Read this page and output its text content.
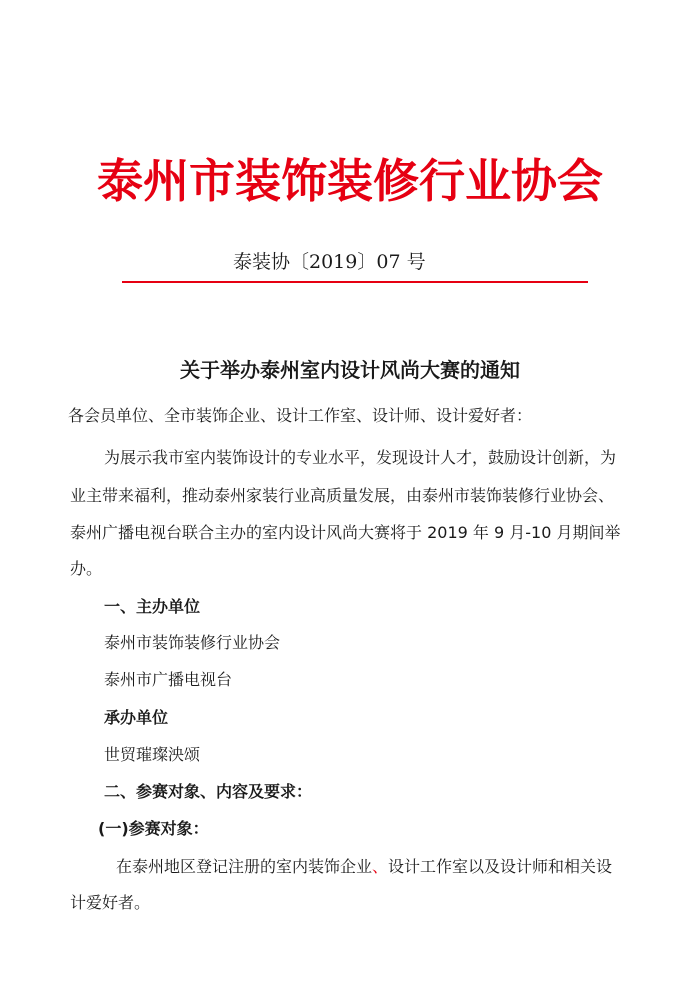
泰州市装饰装修行业协会
泰装协〔2019〕07 号
关于举办泰州室内设计风尚大赛的通知
各会员单位、全市装饰企业、设计工作室、设计师、设计爱好者：
为展示我市室内装饰设计的专业水平，发现设计人才，鼓励设计创新，为
业主带来福利，推动泰州家装行业高质量发展，由泰州市装饰装修行业协会、
泰州广播电视台联合主办的室内设计风尚大赛将于 2019 年 9 月-10 月期间举
办。
一、主办单位
泰州市装饰装修行业协会
泰州市广播电视台
承办单位
世贸璀璨泱颂
二、参赛对象、内容及要求：
(一)参赛对象：
在泰州地区登记注册的室内装饰企业、设计工作室以及设计师和相关设
计爱好者。
